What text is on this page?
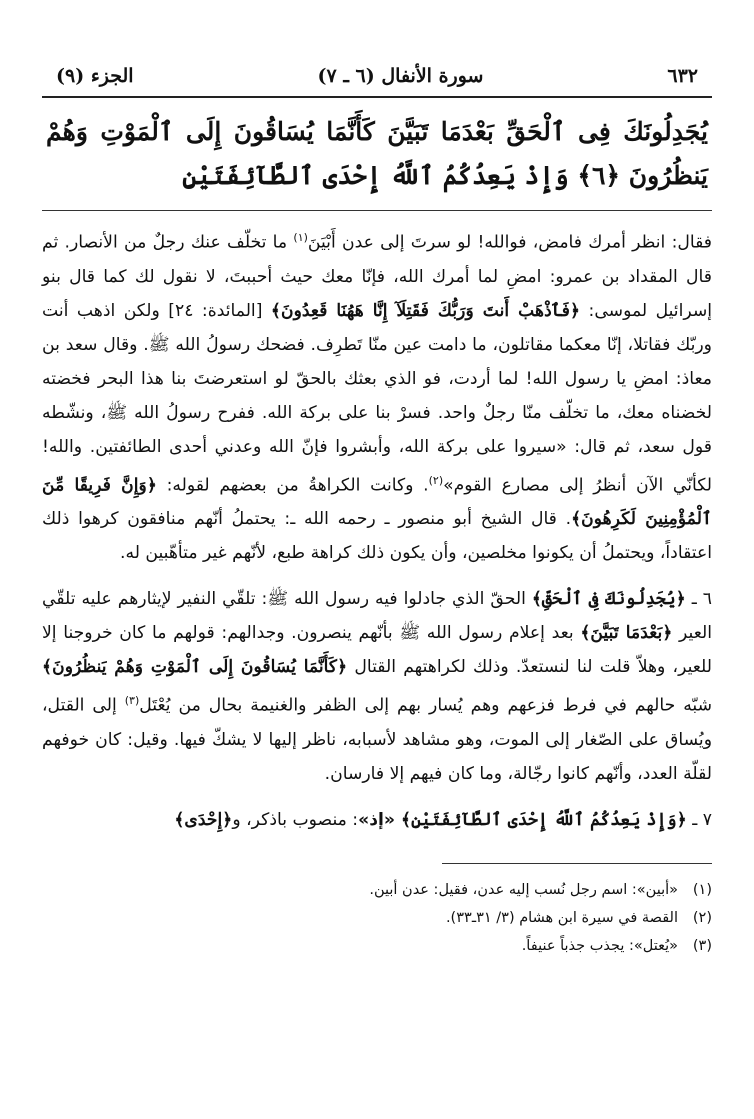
٦٣٢
سورة الأنفال (٦ ـ ٧)
الجزء (٩)
يُجَدِلُونَكَ فِى ٱلْحَقِّ بَعْدَمَا تَبَيَّنَ كَأَنَّمَا يُسَاقُونَ إِلَى ٱلْمَوْتِ وَهُمْ يَنظُرُونَ ﴿٦﴾ وَإِذْ يَعِدُكُمُ ٱللَّهُ إِحْدَى ٱلطَّآئِفَتَيْنِ

فقال: انظر أمرك فامض، فوالله! لو سرتَ إلى عدن أَبْيَنَ$^{(١)}$ ما تخلّف عنك رجلٌ من الأنصار. ثم قال المقداد بن عمرو: امضِ لما أمرك الله، فإنّا معك حيث أحببتَ، لا نقول لك كما قال بنو إسرائيل لموسى: ﴿فَٱذْهَبْ أَنتَ وَرَبُّكَ فَقَتِلَآ إِنَّا هَهُنَا قَعِدُونَ﴾ [المائدة: ٢٤] ولكن اذهب أنت وربّك فقاتلا، إنّا معكما مقاتلون، ما دامت عين منّا تَطرِف. فضحك رسولُ الله ﷺ. وقال سعد بن معاذ: امضِ يا رسول الله! لما أردت، فو الذي بعثك بالحقّ لو استعرضتَ بنا هذا البحر فخضته لخضناه معك، ما تخلّف منّا رجلٌ واحد. فسرْ بنا على بركة الله. ففرح رسولُ الله ﷺ، ونشّطه قول سعد، ثم قال: «سيروا على بركة الله، وأبشروا فإنّ الله وعدني أحدى الطائفتين. والله! لكأنّي الآن أنظرُ إلى مصارع القوم»$^{(٢)}$. وكانت الكراهةُ من بعضهم لقوله: ﴿وَإِنَّ فَرِيقًا مِّنَ ٱلْمُؤْمِنِينَ لَكَرِهُونَ﴾. قال الشيخ أبو منصور ـ رحمه الله ـ: يحتملُ أنّهم منافقون كرهوا ذلك اعتقاداً، ويحتملُ أن يكونوا مخلصين، وأن يكون ذلك كراهة طبع، لأنّهم غير متأهّبين له.

٦ ـ ﴿يُجَدِلُونَكَ فِى ٱلْحَقِّ﴾ الحقّ الذي جادلوا فيه رسول الله ﷺ: تلقّي النفير لإيثارهم عليه تلقّي العير ﴿بَعْدَمَا تَبَيَّنَ﴾ بعد إعلام رسول الله ﷺ بأنّهم ينصرون. وجدالهم: قولهم ما كان خروجنا إلا للعير، وهلاّ قلت لنا لنستعدّ. وذلك لكراهتهم القتال ﴿كَأَنَّمَا يُسَاقُونَ إِلَى ٱلْمَوْتِ وَهُمْ يَنظُرُونَ﴾ شبّه حالهم في فرط فزعهم وهم يُسار بهم إلى الظفر والغنيمة بحال من يُعْتَل$^{(٣)}$ إلى القتل، ويُساق على الصّغار إلى الموت، وهو مشاهد لأسبابه، ناظر إليها لا يشكّ فيها. وقيل: كان خوفهم لقلّة العدد، وأنّهم كانوا رجّالة، وما كان فيهم إلا فارسان.

٧ ـ ﴿وَإِذْ يَعِدُكُمُ ٱللَّهُ إِحْدَى ٱلطَّآئِفَتَيْنِ﴾ «إذ»: منصوب باذكر، و﴿إِحْدَى﴾

(١)«أبين»: اسم رجل نُسب إليه عدن، فقيل: عدن أبين.
(٢)القصة في سيرة ابن هشام (٣/ ٣١ـ٣٣).
(٣)«يُعتل»: يجذب جذباً عنيفاً.
